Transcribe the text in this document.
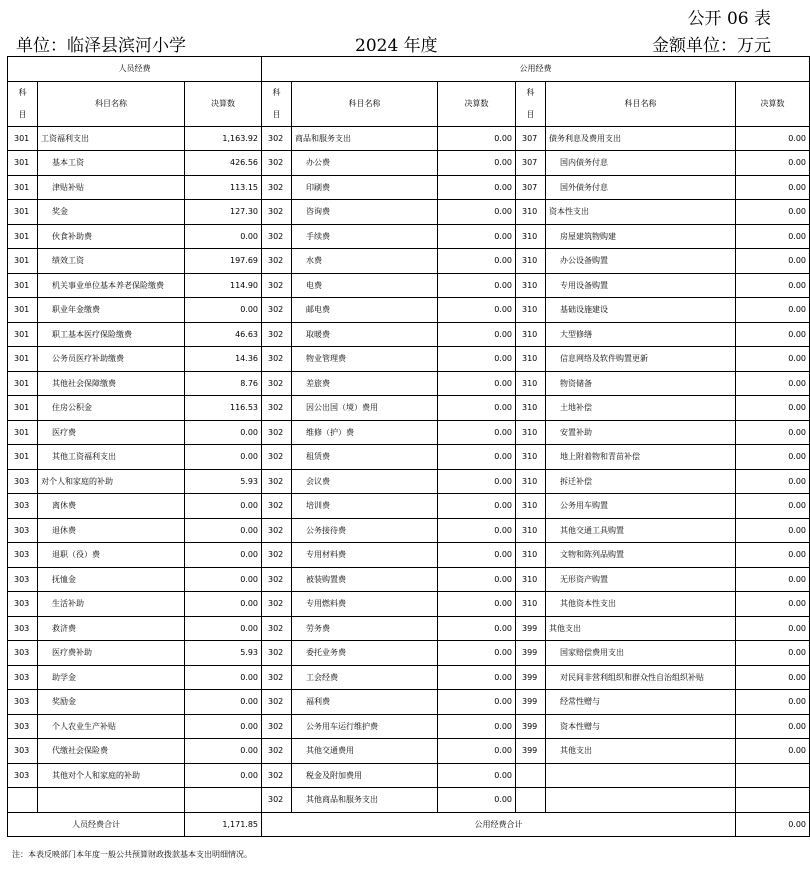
公开 06 表
单位：临泽县滨河小学	2024 年度	金额单位：万元
人员经费			公用经费					

科
目	科目名称	决算数	科
目	科目名称	决算数	科
目	科目名称	决算数
301	工资福利支出	1,163.92	302	商品和服务支出	0.00	307	债务利息及费用支出	0.00
301	基本工资	426.56	302	办公费	0.00	307	国内债务付息	0.00
301	津贴补贴	113.15	302	印刷费	0.00	307	国外债务付息	0.00
301	奖金	127.30	302	咨询费	0.00	310	资本性支出	0.00
301	伙食补助费	0.00	302	手续费	0.00	310	房屋建筑物购建	0.00
301	绩效工资	197.69	302	水费	0.00	310	办公设备购置	0.00
301	机关事业单位基本养老保险缴费	114.90	302	电费	0.00	310	专用设备购置	0.00
301	职业年金缴费	0.00	302	邮电费	0.00	310	基础设施建设	0.00
301	职工基本医疗保险缴费	46.63	302	取暖费	0.00	310	大型修缮	0.00
301	公务员医疗补助缴费	14.36	302	物业管理费	0.00	310	信息网络及软件购置更新	0.00
301	其他社会保障缴费	8.76	302	差旅费	0.00	310	物资储备	0.00
301	住房公积金	116.53	302	因公出国（境）费用	0.00	310	土地补偿	0.00
301	医疗费	0.00	302	维修（护）费	0.00	310	安置补助	0.00
301	其他工资福利支出	0.00	302	租赁费	0.00	310	地上附着物和青苗补偿	0.00
303	对个人和家庭的补助	5.93	302	会议费	0.00	310	拆迁补偿	0.00
303	离休费	0.00	302	培训费	0.00	310	公务用车购置	0.00
303	退休费	0.00	302	公务接待费	0.00	310	其他交通工具购置	0.00
303	退职（役）费	0.00	302	专用材料费	0.00	310	文物和陈列品购置	0.00
303	抚恤金	0.00	302	被装购置费	0.00	310	无形资产购置	0.00
303	生活补助	0.00	302	专用燃料费	0.00	310	其他资本性支出	0.00
303	救济费	0.00	302	劳务费	0.00	399	其他支出	0.00
303	医疗费补助	5.93	302	委托业务费	0.00	399	国家赔偿费用支出	0.00
303	助学金	0.00	302	工会经费	0.00	399	对民间非营利组织和群众性自治组织补贴	0.00
303	奖励金	0.00	302	福利费	0.00	399	经常性赠与	0.00
303	个人农业生产补贴	0.00	302	公务用车运行维护费	0.00	399	资本性赠与	0.00
303	代缴社会保险费	0.00	302	其他交通费用	0.00	399	其他支出	0.00
303	其他对个人和家庭的补助	0.00	302	税金及附加费用	0.00			
			302	其他商品和服务支出	0.00			
人员经费合计		1,171.85	公用经费合计					0.00
注：本表反映部门本年度一般公共预算财政拨款基本支出明细情况。
